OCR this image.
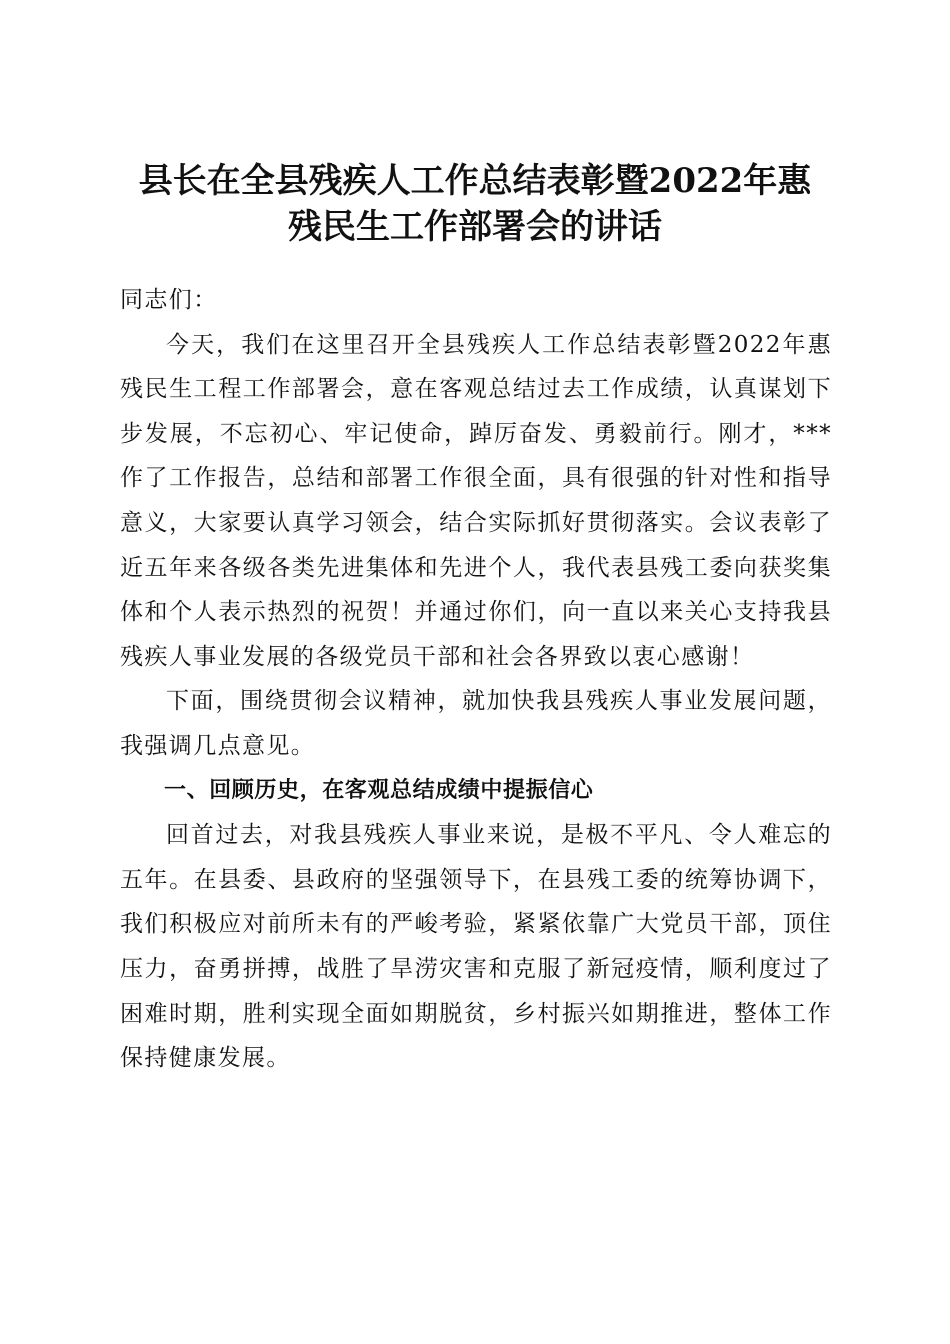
县长在全县残疾人工作总结表彰暨2022年惠
残民生工作部署会的讲话

同志们：

今天，我们在这里召开全县残疾人工作总结表彰暨2022年惠残民生工程工作部署会，意在客观总结过去工作成绩，认真谋划下步发展，不忘初心、牢记使命，踔厉奋发、勇毅前行。刚才，***作了工作报告，总结和部署工作很全面，具有很强的针对性和指导意义，大家要认真学习领会，结合实际抓好贯彻落实。会议表彰了近五年来各级各类先进集体和先进个人，我代表县残工委向获奖集体和个人表示热烈的祝贺！并通过你们，向一直以来关心支持我县残疾人事业发展的各级党员干部和社会各界致以衷心感谢！

下面，围绕贯彻会议精神，就加快我县残疾人事业发展问题，我强调几点意见。

一、回顾历史，在客观总结成绩中提振信心

回首过去，对我县残疾人事业来说，是极不平凡、令人难忘的五年。在县委、县政府的坚强领导下，在县残工委的统筹协调下，我们积极应对前所未有的严峻考验，紧紧依靠广大党员干部，顶住压力，奋勇拼搏，战胜了旱涝灾害和克服了新冠疫情，顺利度过了困难时期，胜利实现全面如期脱贫，乡村振兴如期推进，整体工作保持健康发展。
